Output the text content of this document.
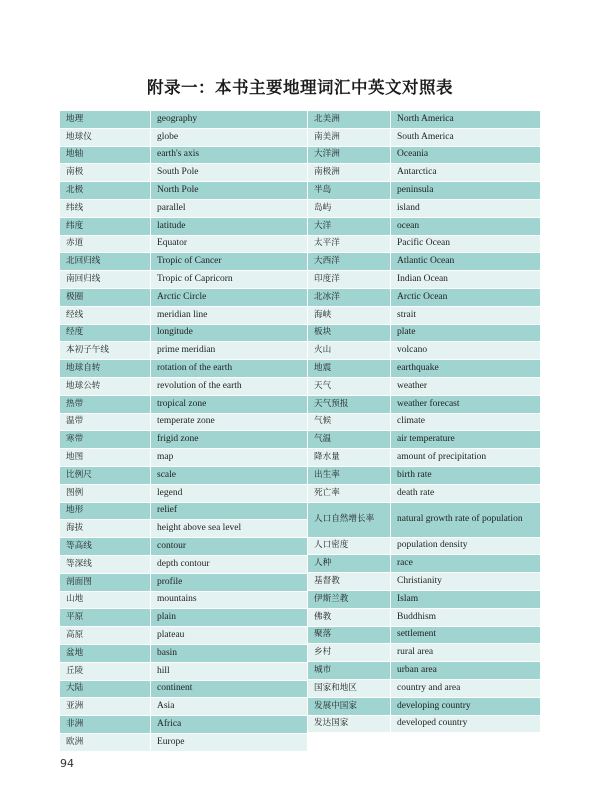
附录一：本书主要地理词汇中英文对照表
地理	geography
地球仪	globe
地轴	earth's axis
南极	South Pole
北极	North Pole
纬线	parallel
纬度	latitude
赤道	Equator
北回归线	Tropic of Cancer
南回归线	Tropic of Capricorn
极圈	Arctic Circle
经线	meridian line
经度	longitude
本初子午线	prime meridian
地球自转	rotation of the earth
地球公转	revolution of the earth
热带	tropical zone
温带	temperate zone
寒带	frigid zone
地图	map
比例尺	scale
图例	legend
地形	relief
海拔	height above sea level
等高线	contour
等深线	depth contour
剖面图	profile
山地	mountains
平原	plain
高原	plateau
盆地	basin
丘陵	hill
大陆	continent
亚洲	Asia
非洲	Africa
欧洲	Europe
北美洲	North America
南美洲	South America
大洋洲	Oceania
南极洲	Antarctica
半岛	peninsula
岛屿	island
大洋	ocean
太平洋	Pacific Ocean
大西洋	Atlantic Ocean
印度洋	Indian Ocean
北冰洋	Arctic Ocean
海峡	strait
板块	plate
火山	volcano
地震	earthquake
天气	weather
天气预报	weather forecast
气候	climate
气温	air temperature
降水量	amount of precipitation
出生率	birth rate
死亡率	death rate
人口自然增长率	natural growth rate of population
人口密度	population density
人种	race
基督教	Christianity
伊斯兰教	Islam
佛教	Buddhism
聚落	settlement
乡村	rural area
城市	urban area
国家和地区	country and area
发展中国家	developing country
发达国家	developed country
94
